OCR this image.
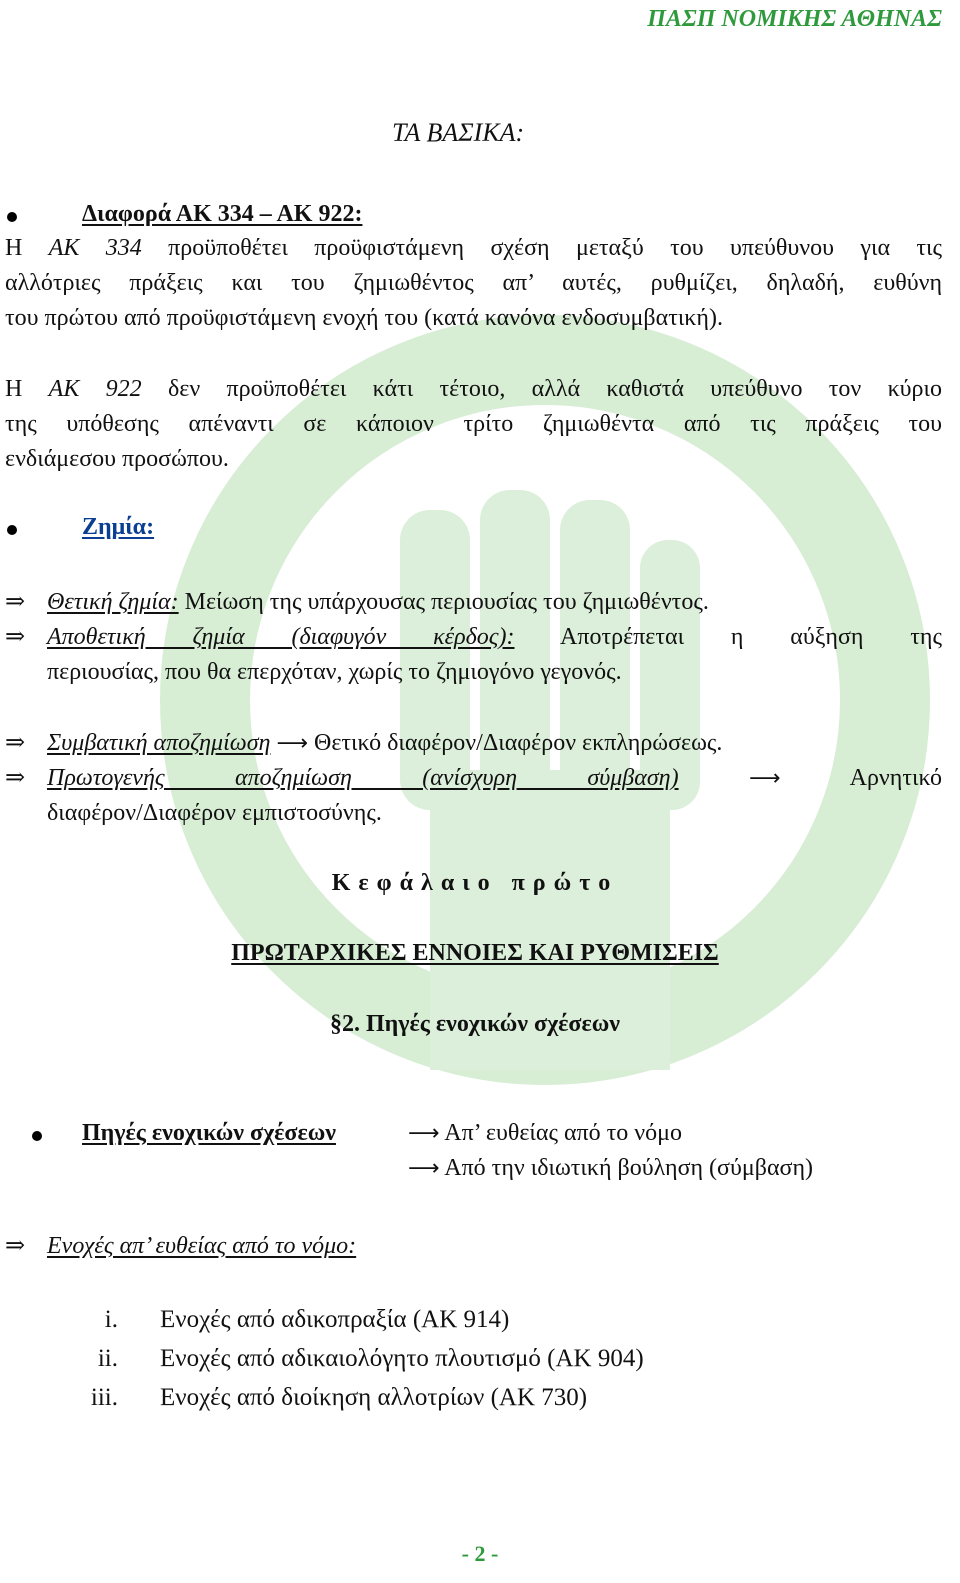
ΠΑΣΠ ΝΟΜΙΚΗΣ ΑΘΗΝΑΣ
ΤΑ ΒΑΣΙΚΑ:
Διαφορά ΑΚ 334 – ΑΚ 922:
Η ΑΚ 334 προϋποθέτει προϋφιστάμενη σχέση μεταξύ του υπεύθυνου για τις
αλλότριες πράξεις και του ζημιωθέντος απ’ αυτές, ρυθμίζει, δηλαδή, ευθύνη
του πρώτου από προϋφιστάμενη ενοχή του (κατά κανόνα ενδοσυμβατική).
Η ΑΚ 922 δεν προϋποθέτει κάτι τέτοιο, αλλά καθιστά υπεύθυνο τον κύριο
της υπόθεσης απέναντι σε κάποιον τρίτο ζημιωθέντα από τις πράξεις του
ενδιάμεσου προσώπου.
Ζημία:
⇒ Θετική ζημία: Μείωση της υπάρχουσας περιουσίας του ζημιωθέντος.
⇒ Αποθετική ζημία (διαφυγόν κέρδος): Αποτρέπεται η αύξηση της
περιουσίας, που θα επερχόταν, χωρίς το ζημιογόνο γεγονός.
⇒ Συμβατική αποζημίωση ⟶ Θετικό διαφέρον/Διαφέρον εκπληρώσεως.
⇒ Πρωτογενής αποζημίωση (ανίσχυρη σύμβαση)	⟶	Αρνητικό
διαφέρον/Διαφέρον εμπιστοσύνης.
Κεφάλαιο πρώτο
ΠΡΩΤΑΡΧΙΚΕΣ ΕΝΝΟΙΕΣ ΚΑΙ ΡΥΘΜΙΣΕΙΣ
§2. Πηγές ενοχικών σχέσεων
Πηγές ενοχικών σχέσεων	⟶ Απ’ ευθείας από το νόμο
⟶ Από την ιδιωτική βούληση (σύμβαση)
⇒ Ενοχές απ’ ευθείας από το νόμο:
i. Ενοχές από αδικοπραξία (ΑΚ 914)
ii. Ενοχές από αδικαιολόγητο πλουτισμό (ΑΚ 904)
iii. Ενοχές από διοίκηση αλλοτρίων (ΑΚ 730)
- 2 -
